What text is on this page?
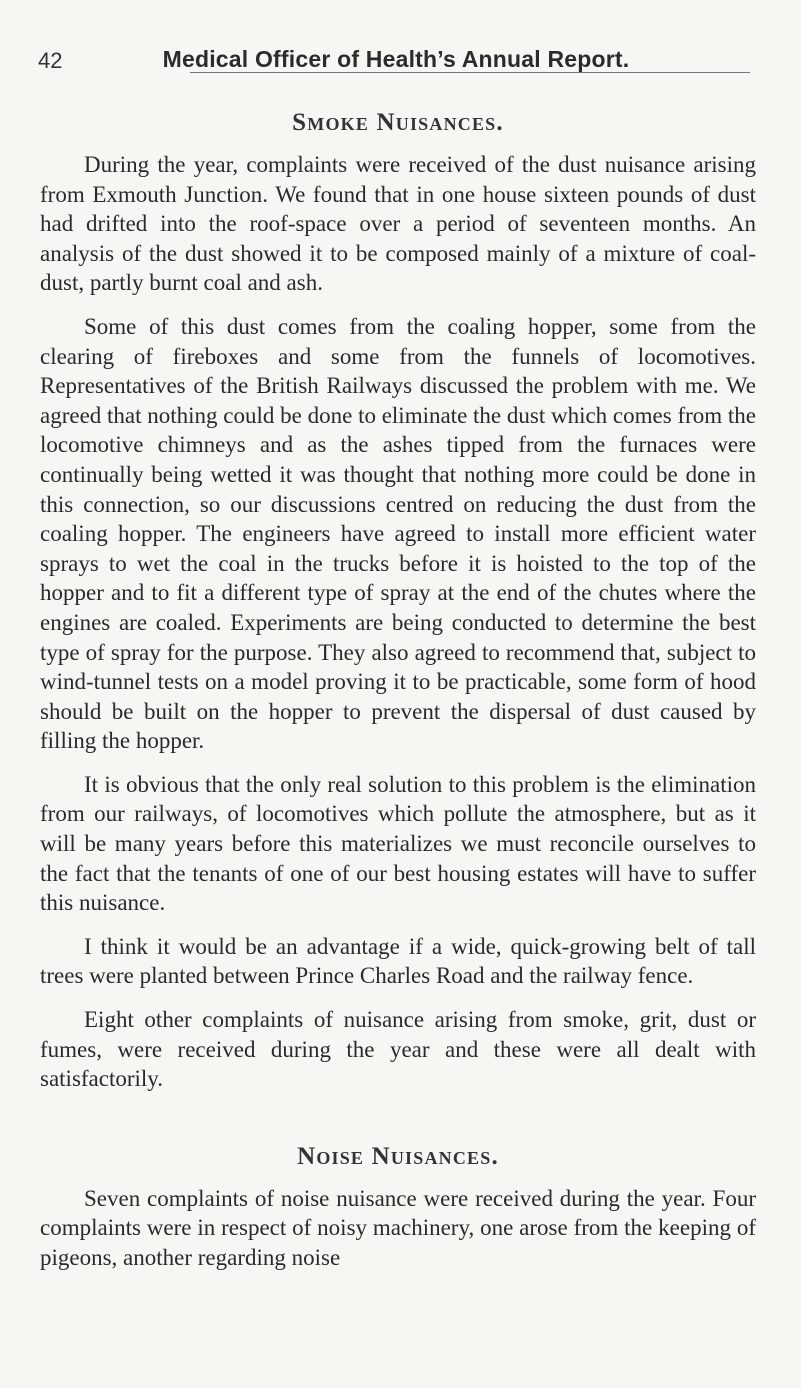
42	Medical Officer of Health’s Annual Report.
Smoke Nuisances.

During the year, complaints were received of the dust nuisance arising from Exmouth Junction. We found that in one house sixteen pounds of dust had drifted into the roof-space over a period of seventeen months. An analysis of the dust showed it to be composed mainly of a mixture of coal-dust, partly burnt coal and ash.

Some of this dust comes from the coaling hopper, some from the clearing of fireboxes and some from the funnels of locomotives. Representatives of the British Railways discussed the problem with me. We agreed that nothing could be done to eliminate the dust which comes from the locomotive chimneys and as the ashes tipped from the furnaces were continually being wetted it was thought that nothing more could be done in this connection, so our discussions centred on reducing the dust from the coaling hopper. The engineers have agreed to install more efficient water sprays to wet the coal in the trucks before it is hoisted to the top of the hopper and to fit a different type of spray at the end of the chutes where the engines are coaled. Experiments are being conducted to determine the best type of spray for the purpose. They also agreed to recommend that, subject to wind-tunnel tests on a model proving it to be practicable, some form of hood should be built on the hopper to prevent the dispersal of dust caused by filling the hopper.

It is obvious that the only real solution to this problem is the elimination from our railways, of locomotives which pollute the atmosphere, but as it will be many years before this materializes we must reconcile ourselves to the fact that the tenants of one of our best housing estates will have to suffer this nuisance.

I think it would be an advantage if a wide, quick-growing belt of tall trees were planted between Prince Charles Road and the railway fence.

Eight other complaints of nuisance arising from smoke, grit, dust or fumes, were received during the year and these were all dealt with satisfactorily.

Noise Nuisances.

Seven complaints of noise nuisance were received during the year. Four complaints were in respect of noisy machinery, one arose from the keeping of pigeons, another regarding noise
